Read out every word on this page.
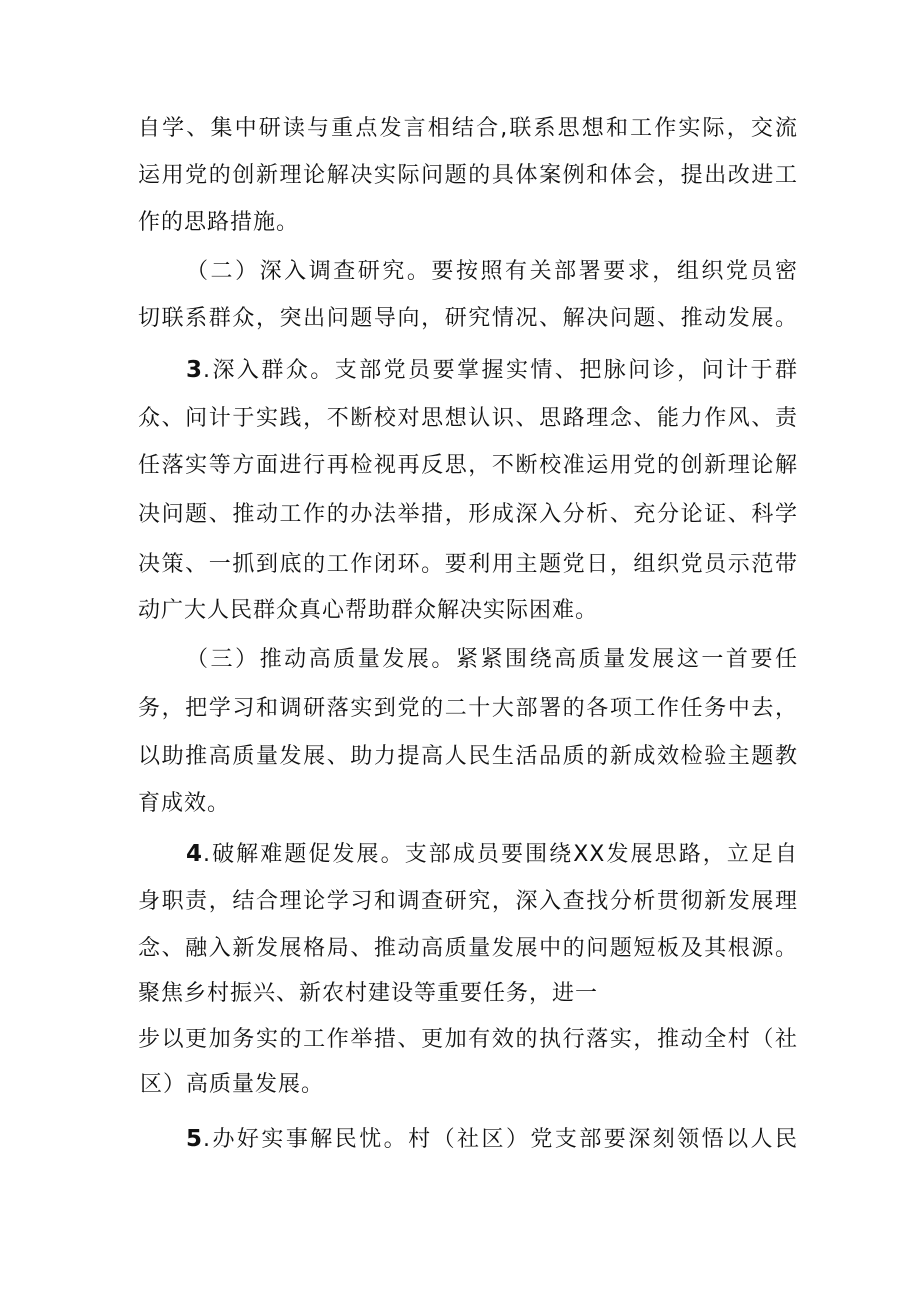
自学、集中研读与重点发言相结合,联系思想和工作实际，交流
运用党的创新理论解决实际问题的具体案例和体会，提出改进工
作的思路措施。
（二）深入调查研究。要按照有关部署要求，组织党员密
切联系群众，突出问题导向，研究情况、解决问题、推动发展。
3.深入群众。支部党员要掌握实情、把脉问诊，问计于群
众、问计于实践，不断校对思想认识、思路理念、能力作风、责
任落实等方面进行再检视再反思，不断校准运用党的创新理论解
决问题、推动工作的办法举措，形成深入分析、充分论证、科学
决策、一抓到底的工作闭环。要利用主题党日，组织党员示范带
动广大人民群众真心帮助群众解决实际困难。
（三）推动高质量发展。紧紧围绕高质量发展这一首要任
务，把学习和调研落实到党的二十大部署的各项工作任务中去，
以助推高质量发展、助力提高人民生活品质的新成效检验主题教
育成效。
4.破解难题促发展。支部成员要围绕XX发展思路，立足自
身职责，结合理论学习和调查研究，深入查找分析贯彻新发展理
念、融入新发展格局、推动高质量发展中的问题短板及其根源。
聚焦乡村振兴、新农村建设等重要任务，进一
步以更加务实的工作举措、更加有效的执行落实，推动全村（社
区）高质量发展。
5.办好实事解民忧。村（社区）党支部要深刻领悟以人民
